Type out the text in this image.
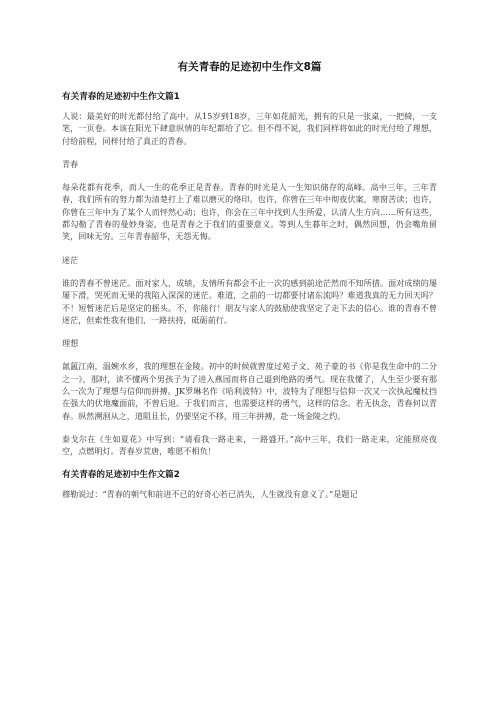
有关青春的足迹初中生作文8篇
有关青春的足迹初中生作文篇1

人说：最美好的时光都付给了高中。从15岁到18岁，三年如花韶光，拥有的只是一张桌，一把椅，一支笔，一页卷。本该在阳光下肆意纵情的年纪都给了它。但不得不说，我们同样将如此的时光付给了理想，付给前程，同样付给了真正的青春。

青春

每朵花都有花季，而人一生的花季正是青春。青春的时光是人一生知识储存的高峰。高中三年，三年青春，我们所有的努力都为清楚打上了难以磨灭的烙印。也许，你曾在三年中彻夜伏案，寒窗苦读；也许，你曾在三年中为了某个人而怦然心动；也许，你会在三年中找到人生所爱，认清人生方向……所有这些，都勾勒了青春的曼妙身姿，也是青春之于我们的重要意义。等到人生暮年之时，偶然回想，仍会嘴角留笑，回味无穷。三年青春韶华，无怨无悔。

迷茫

谁的青春不曾迷茫。面对家人，成绩，友情所有都会不止一次的感到前途茫然而不知所措。面对成绩的屡屡下滑，哭死而无果的我陷入深深的迷茫。难道，之前的一切都要付诸东流吗？难道我真的无力回天吗？不！短暂迷茫后是坚定的摇头。不，你能行！朋友与家人的鼓励使我坚定了走下去的信心。谁的青春不曾迷茫，但索性我有他们，一路扶持，砥砺前行。

理想

氤氲江南，温婉水乡，我的理想在金陵。初中的时候就曾度过苑子文、苑子豪的书《你是我生命中的二分之一》，那时，读不懂两个男孩子为了进入燕园而将自己逼到绝路的勇气。现在我懂了，人生至少要有那么一次为了理想与信仰而拼搏。JK罗琳名作《哈利波特》中，波特为了理想与信仰一次又一次执起魔杖挡在强大的伏地魔面前，不曾后退。于我们而言，也需要这样的勇气，这样的信念。若无执念，青春何以青春。纵然溯洄从之，道阻且长，仍要坚定不移，用三年拼搏，赴一场金陵之约。

泰戈尔在《生如夏花》中写到：“请看我一路走来，一路盛开。”高中三年，我们一路走来，定能照亮夜空，点燃明灯。青春岁荒唐，唯愿不相负！

有关青春的足迹初中生作文篇2

穆勒说过：“青春的朝气和前进不已的好奇心若已消失，人生就没有意义了。”是题记
